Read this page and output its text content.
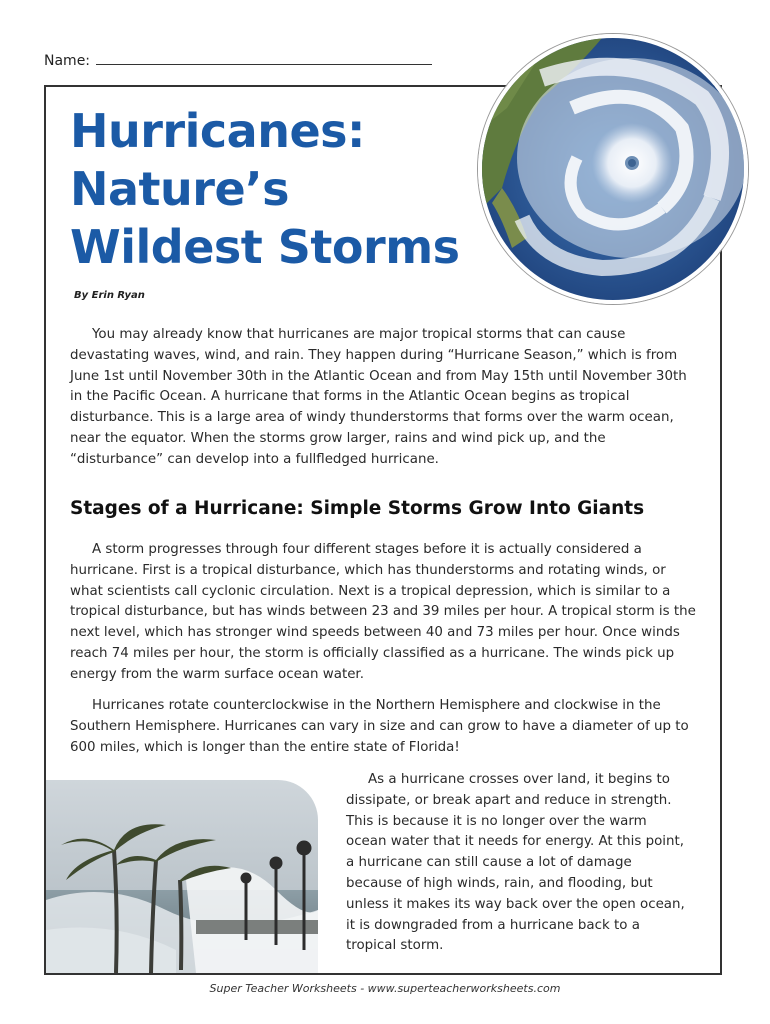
Name:
Hurricanes:
Nature’s
Wildest Storms
By Erin Ryan

You may already know that hurricanes are major tropical storms that can cause devastating waves, wind, and rain. They happen during “Hurricane Season,” which is from June 1st until November 30th in the Atlantic Ocean and from May 15th until November 30th in the Pacific Ocean. A hurricane that forms in the Atlantic Ocean begins as tropical disturbance. This is a large area of windy thunderstorms that forms over the warm ocean, near the equator. When the storms grow larger, rains and wind pick up, and the “disturbance” can develop into a fullfledged hurricane.

Stages of a Hurricane: Simple Storms Grow Into Giants

A storm progresses through four different stages before it is actually considered a hurricane. First is a tropical disturbance, which has thunderstorms and rotating winds, or what scientists call cyclonic circulation. Next is a tropical depression, which is similar to a tropical disturbance, but has winds between 23 and 39 miles per hour. A tropical storm is the next level, which has stronger wind speeds between 40 and 73 miles per hour. Once winds reach 74 miles per hour, the storm is officially classified as a hurricane. The winds pick up energy from the warm surface ocean water.

Hurricanes rotate counterclockwise in the Northern Hemisphere and clockwise in the Southern Hemisphere. Hurricanes can vary in size and can grow to have a diameter of up to 600 miles, which is longer than the entire state of Florida!

As a hurricane crosses over land, it begins to dissipate, or break apart and reduce in strength. This is because it is no longer over the warm ocean water that it needs for energy. At this point, a hurricane can still cause a lot of damage because of high winds, rain, and flooding, but unless it makes its way back over the open ocean, it is downgraded from a hurricane back to a tropical storm.

Super Teacher Worksheets - www.superteacherworksheets.com
